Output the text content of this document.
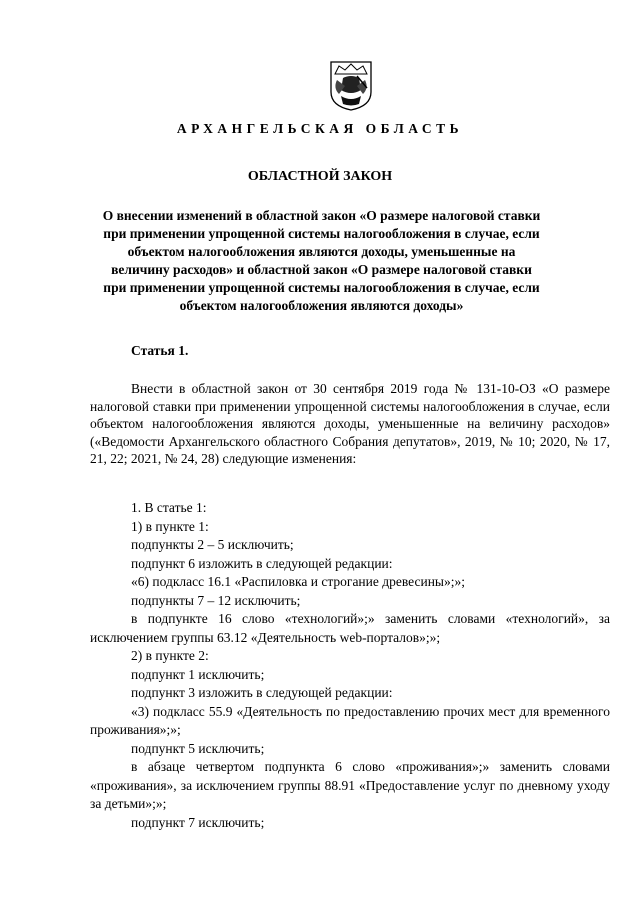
АРХАНГЕЛЬСКАЯ ОБЛАСТЬ
ОБЛАСТНОЙ ЗАКОН
О внесении изменений в областной закон «О размере налоговой ставки при применении упрощенной системы налогообложения в случае, если объектом налогообложения являются доходы, уменьшенные на величину расходов» и областной закон «О размере налоговой ставки при применении упрощенной системы налогообложения в случае, если объектом налогообложения являются доходы»
Статья 1.
Внести в областной закон от 30 сентября 2019 года № 131-10-ОЗ «О размере налоговой ставки при применении упрощенной системы налогообложения в случае, если объектом налогообложения являются доходы, уменьшенные на величину расходов» («Ведомости Архангельского областного Собрания депутатов», 2019, № 10; 2020, № 17, 21, 22; 2021, № 24, 28) следующие изменения:

1. В статье 1:

1) в пункте 1:

подпункты 2 – 5 исключить;

подпункт 6 изложить в следующей редакции:

«6) подкласс 16.1 «Распиловка и строгание древесины»;»;

подпункты 7 – 12 исключить;

в подпункте 16 слово «технологий»;» заменить словами «технологий», за исключением группы 63.12 «Деятельность web-порталов»;»;

2) в пункте 2:

подпункт 1 исключить;

подпункт 3 изложить в следующей редакции:

«3) подкласс 55.9 «Деятельность по предоставлению прочих мест для временного проживания»;»;

подпункт 5 исключить;

в абзаце четвертом подпункта 6 слово «проживания»;» заменить словами «проживания», за исключением группы 88.91 «Предоставление услуг по дневному уходу за детьми»;»;

подпункт 7 исключить;
